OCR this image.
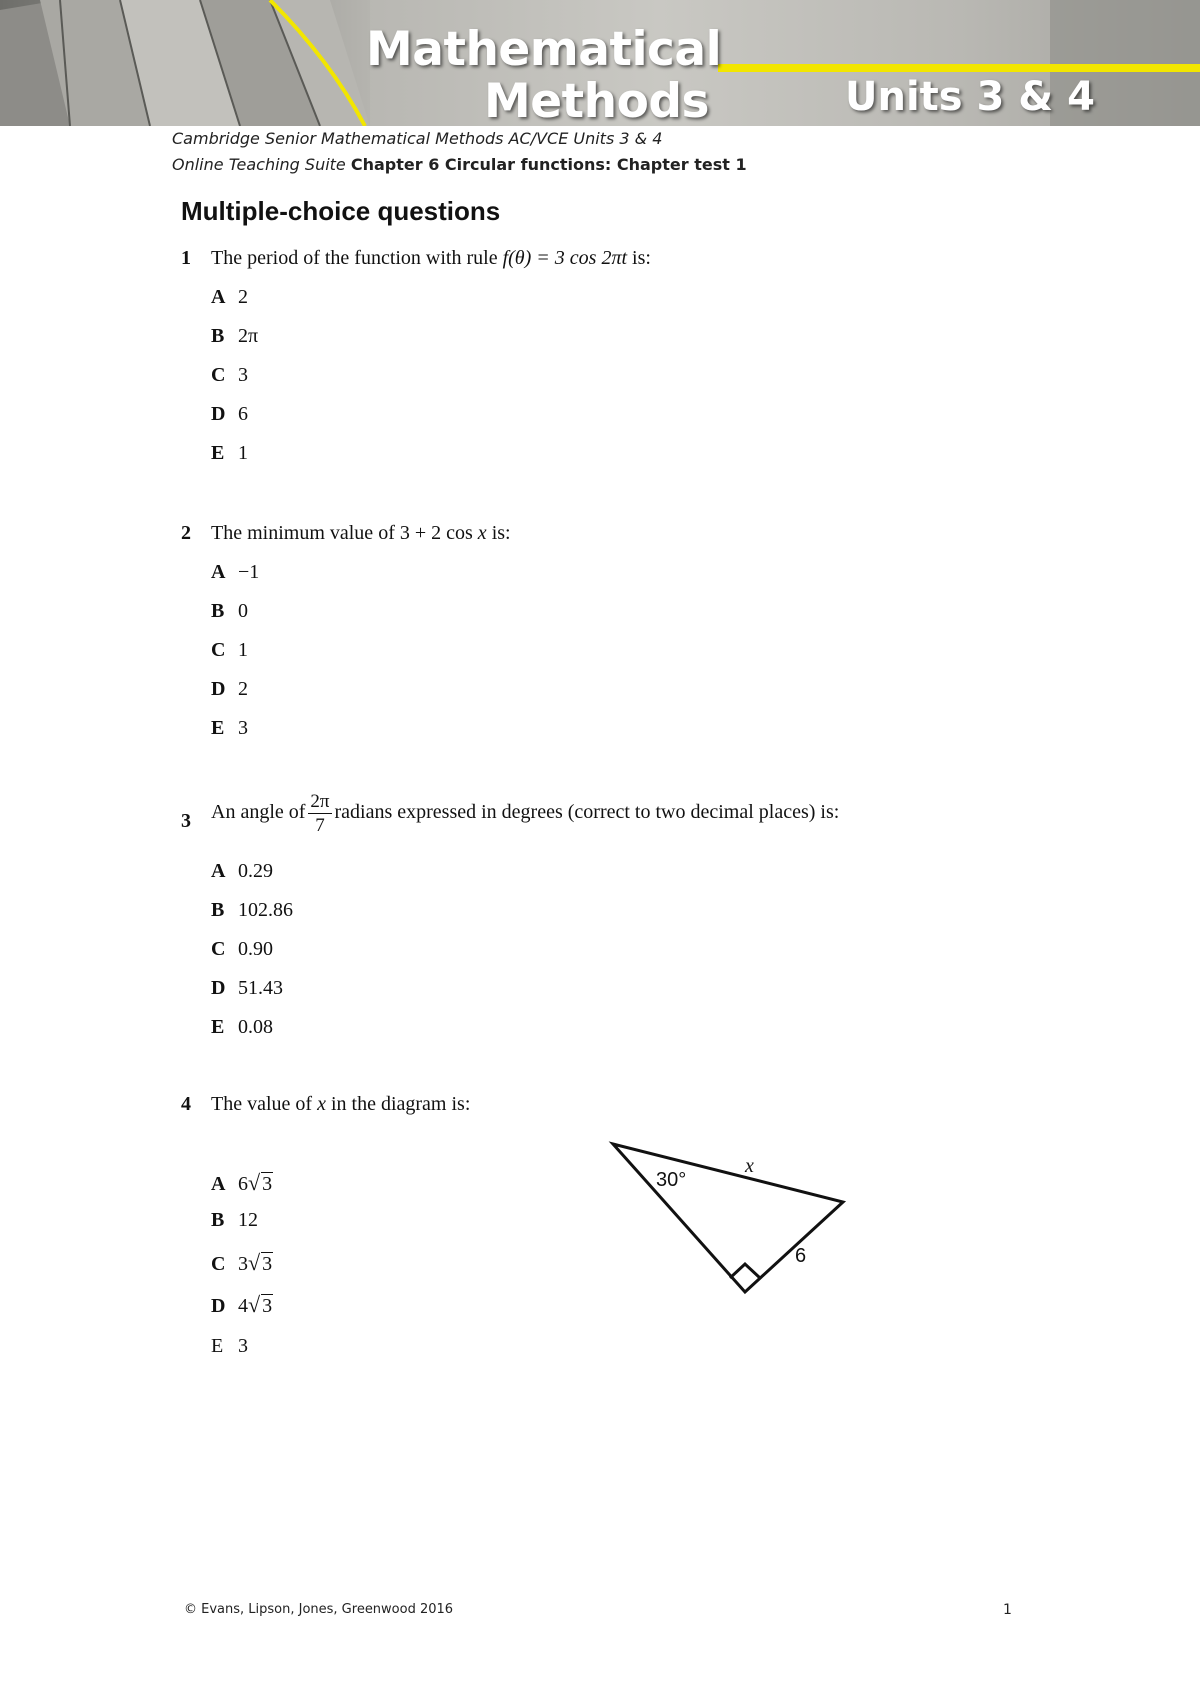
Mathematical
Methods	Units 3 & 4
Cambridge Senior Mathematical Methods AC/VCE Units 3 & 4
Online Teaching Suite Chapter 6 Circular functions: Chapter test 1
Multiple-choice questions
1 The period of the function with rule f(θ) = 3 cos 2πt is:
A 2
B 2π
C 3
D 6
E 1
2 The minimum value of 3 + 2 cos x is:
A −1
B 0
C 1
D 2
E 3
3 An angle of $\frac{2\pi}{7}$ radians expressed in degrees (correct to two decimal places) is:
A 0.29
B 102.86
C 0.90
D 51.43
E 0.08
4 The value of x in the diagram is:
A 6√ 3
B 12
C 3√ 3
D 4√ 3
E 3
30°
x
6
© Evans, Lipson, Jones, Greenwood 2016	1
